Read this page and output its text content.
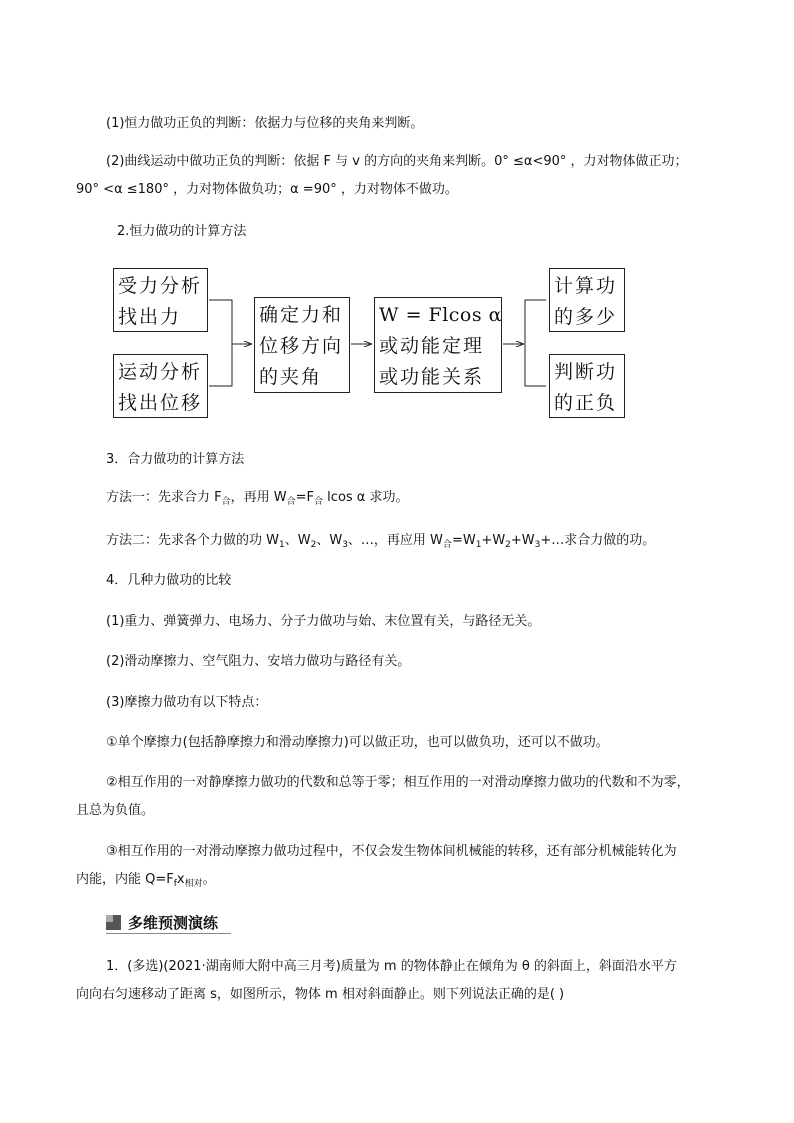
(1)恒力做功正负的判断：依据力与位移的夹角来判断。
(2)曲线运动中做功正负的判断：依据 F 与 v 的方向的夹角来判断。0° ≤α<90° ，力对物体做正功；
90° <α ≤180° ，力对物体做负功；α =90° ，力对物体不做功。
2.恒力做功的计算方法
受力分析
找出力
运动分析
找出位移
确定力和
位移方向
的夹角
W = Flcos α
或动能定理
或功能关系
计算功
的多少
判断功
的正负
3．合力做功的计算方法
方法一：先求合力 $F_合$，再用 $W_合=F_合$ lcos α 求功。
方法二：先求各个力做的功 $W_1$、$W_2$、$W_3$、…，再应用 $W_合=W_1+W_2+W_3+\dots$求合力做的功。
4．几种力做功的比较
(1)重力、弹簧弹力、电场力、分子力做功与始、末位置有关，与路径无关。
(2)滑动摩擦力、空气阻力、安培力做功与路径有关。
(3)摩擦力做功有以下特点：
①单个摩擦力(包括静摩擦力和滑动摩擦力)可以做正功，也可以做负功，还可以不做功。
②相互作用的一对静摩擦力做功的代数和总等于零；相互作用的一对滑动摩擦力做功的代数和不为零，
且总为负值。
③相互作用的一对滑动摩擦力做功过程中，不仅会发生物体间机械能的转移，还有部分机械能转化为
内能，内能 $Q=F_fx_{相对}$。
多维预测演练
1．(多选)(2021·湖南师大附中高三月考)质量为 m 的物体静止在倾角为 θ 的斜面上，斜面沿水平方
向向右匀速移动了距离 s，如图所示，物体 m 相对斜面静止。则下列说法正确的是( )
